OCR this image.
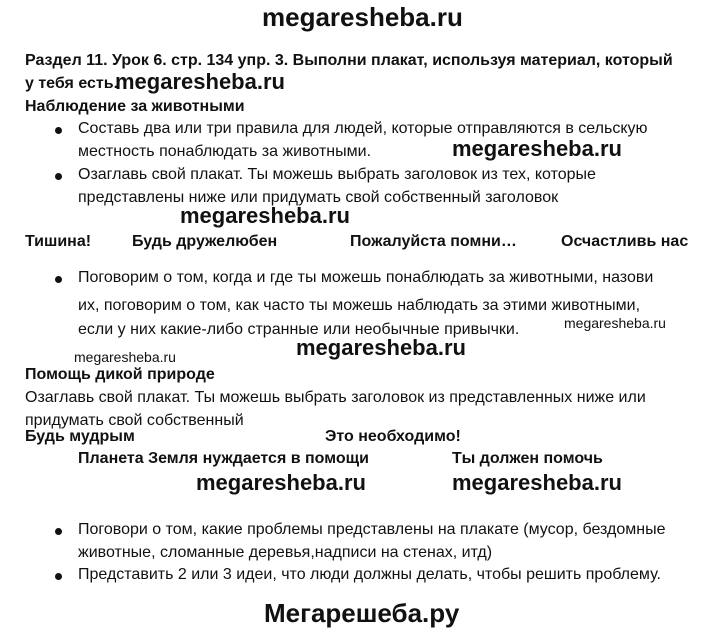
megaresheba.ru
Раздел 11. Урок 6. стр. 134 упр. 3. Выполни плакат, используя материал, который
у тебя есть.
megaresheba.ru
Наблюдение за животными
Составь два или три правила для людей, которые отправляются в сельскую
местность понаблюдать за животными.	megaresheba.ru
Озаглавь свой плакат. Ты можешь выбрать заголовок из тех, которые
представлены ниже или придумать свой собственный заголовок
megaresheba.ru
Тишина!	Будь дружелюбен	Пожалуйста помни…	Осчастливь нас
Поговорим о том, когда и где ты можешь понаблюдать за животными, назови
их, поговорим о том, как часто ты можешь наблюдать за этими животными,
если у них какие-либо странные или необычные привычки.	megaresheba.ru
megaresheba.ru	megaresheba.ru
Помощь дикой природе
Озаглавь свой плакат. Ты можешь выбрать заголовок из представленных ниже или
придумать свой собственный
Будь мудрым	Это необходимо!
Планета Земля нуждается в помощи	Ты должен помочь
megaresheba.ru	megaresheba.ru
Поговори о том, какие проблемы представлены на плакате (мусор, бездомные
животные, сломанные деревья,надписи на стенах, итд)
Представить 2 или 3 идеи, что люди должны делать, чтобы решить проблему.
Мегарешеба.ру
